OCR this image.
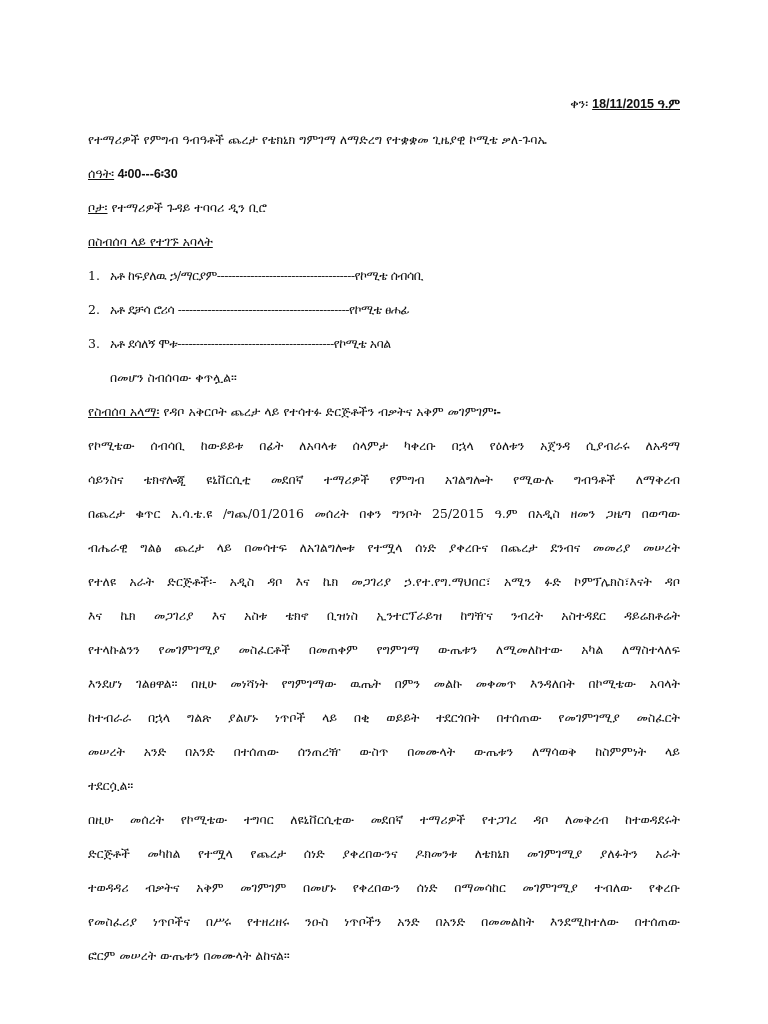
ቀን፡ 18/11/2015 ዓ.ም
የተማሪዎች የምግብ ዓብዓቶች ጨረታ የቴክኒክ ግምገማ ለማድረግ የተቋቋመ ጊዜያዊ ኮሚቴ ቃለ-ጉባኤ
ሰዓት፡ 4፡00---6፡30
ቦታ፡ የተማሪዎች ጉዳይ ተባባሪ ዲን ቢሮ
በስብሰባ ላይ የተገኙ አባላት
1. አቶ ከፍያለዉ ኃ/ማርያም-------------------------------------የኮሚቴ ሰብሳቢ
2. አቶ ደቻሳ ሮሪሳ ----------------------------------------------የኮሚቴ ፀሐፊ
3. አቶ ደሳለኝ ሞቱ------------------------------------------የኮሚቴ አባል
በመሆን ስብሰባው ቀጥሏል።
የስብሰባ አላማ፡ የዳቦ አቅርቦት ጨረታ ላይ የተሳተፉ ድርጅቶችን ብቃትና አቅም መገምገም፡-
የኮሚቴው ሰብሳቢ ከውይይቱ በፊት ለአባላቱ ሰላምታ ካቀረቡ በኋላ የዕለቱን አጀንዳ ሲያብራሩ ለአዳማ
ሳይንስና ቴክኖሎጂ ዩኒቨርሲቲ መደበኛ ተማሪዎች የምግብ አገልግሎት የሚውሉ ግብዓቶች ለማቅረብ
በጨረታ ቁጥር አ.ሳ.ቴ.ዩ /ግጨ/01/2016 መሰረት በቀን ግንቦት 25/2015 ዓ.ም በአዲስ ዘመን ጋዜጣ በወጣው
ብሔራዊ ግልፅ ጨረታ ላይ በመሳተፍ ለአገልግሎቱ የተሟላ ሰነድ ያቀረቡና በጨረታ ደንብና መመሪያ መሠረት
የተለዩ አራት ድርጅቶች፡- አዲስ ዳቦ እና ኬክ መጋገሪያ ኃ.የተ.የግ.ማህበር፣ አሚን ፉድ ኮምፕሌክስ፣እናት ዳቦ
እና ኬክ መጋገሪያ እና አስቱ ቴክኖ ቢዝነስ ኢንተርፕራይዝ ከግዥና ንብረት አስተዳደር ዳይሬክቶሬት
የተላኩልንን የመገምገሚያ መስፈርቶች በመጠቀም የግምገማ ውጤቱን ለሚመለከተው አካል ለማስተላለፍ
እንደሆነ ገልፀዋል። በዚሁ መነሻነት የግምገማው ዉጤት በምን መልኩ መቀመጥ እንዳለበት በኮሚቴው አባላት
ከተብራራ በኋላ ግልጽ ያልሆኑ ነጥቦች ላይ በቂ ወይይት ተደርጎበት በተሰጠው የመገምገሚያ መስፈርት
መሠረት አንድ በአንድ በተሰጠው ሰንጠረዥ ውስጥ በመሙላት ውጤቱን ለማሳወቅ ከስምምነት ላይ
ተደርሷል።
በዚሁ መሰረት የኮሚቴው ተግባር ለዩኒቨርሲቲው መደበኛ ተማሪዎች የተጋገረ ዳቦ ለመቅረብ ከተወዳደሩት
ድርጅቶች መካከል የተሟላ የጨረታ ሰነድ ያቀረበውንና ዶክመንቱ ለቴክኒክ መገምገሚያ ያለፉትን አራት
ተወዳዳሪ ብቃትና አቅም መገምገም በመሆኑ የቀረበውን ሰነድ በማመሳከር መገምገሚያ ተብለው የቀረቡ
የመስፈሪያ ነጥቦችና በሥሩ የተዘረዘሩ ንዑስ ነጥቦችን አንድ በአንድ በመመልከት እንደሚከተለው በተሰጠው
ፎርም መሠረት ውጤቱን በመሙላት ልከናል።
